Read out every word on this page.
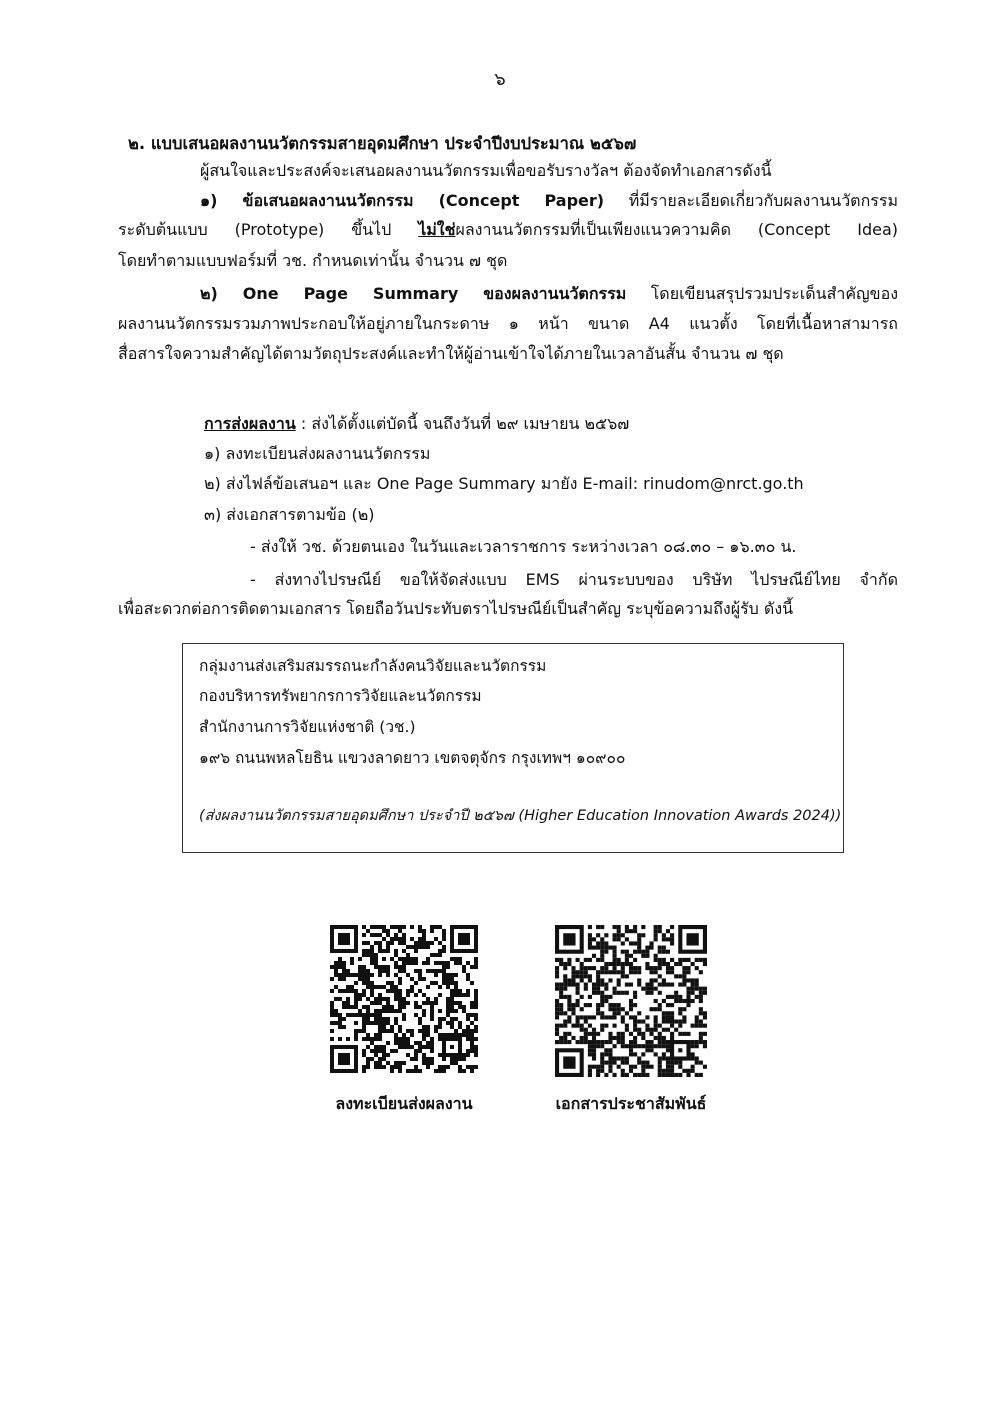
๖
๒. แบบเสนอผลงานนวัตกรรมสายอุดมศึกษา ประจำปีงบประมาณ ๒๕๖๗
ผู้สนใจและประสงค์จะเสนอผลงานนวัตกรรมเพื่อขอรับรางวัลฯ ต้องจัดทำเอกสารดังนี้
๑) ข้อเสนอผลงานนวัตกรรม (Concept Paper) ที่มีรายละเอียดเกี่ยวกับผลงานนวัตกรรม
ระดับต้นแบบ (Prototype) ขึ้นไป ไม่ใช่ผลงานนวัตกรรมที่เป็นเพียงแนวความคิด (Concept Idea)
โดยทำตามแบบฟอร์มที่ วช. กำหนดเท่านั้น จำนวน ๗ ชุด
๒) One Page Summary ของผลงานนวัตกรรม โดยเขียนสรุปรวมประเด็นสำคัญของ
ผลงานนวัตกรรมรวมภาพประกอบให้อยู่ภายในกระดาษ ๑ หน้า ขนาด A4 แนวตั้ง โดยที่เนื้อหาสามารถ
สื่อสารใจความสำคัญได้ตามวัตถุประสงค์และทำให้ผู้อ่านเข้าใจได้ภายในเวลาอันสั้น จำนวน ๗ ชุด
การส่งผลงาน : ส่งได้ตั้งแต่บัดนี้ จนถึงวันที่ ๒๙ เมษายน ๒๕๖๗
๑) ลงทะเบียนส่งผลงานนวัตกรรม
๒) ส่งไฟล์ข้อเสนอฯ และ One Page Summary มายัง E-mail: rinudom@nrct.go.th
๓) ส่งเอกสารตามข้อ (๒)
- ส่งให้ วช. ด้วยตนเอง ในวันและเวลาราชการ ระหว่างเวลา ๐๘.๓๐ – ๑๖.๓๐ น.
- ส่งทางไปรษณีย์ ขอให้จัดส่งแบบ EMS ผ่านระบบของ บริษัท ไปรษณีย์ไทย จำกัด
เพื่อสะดวกต่อการติดตามเอกสาร โดยถือวันประทับตราไปรษณีย์เป็นสำคัญ ระบุข้อความถึงผู้รับ ดังนี้
กลุ่มงานส่งเสริมสมรรถนะกำลังคนวิจัยและนวัตกรรม
กองบริหารทรัพยากรการวิจัยและนวัตกรรม
สำนักงานการวิจัยแห่งชาติ (วช.)
๑๙๖ ถนนพหลโยธิน แขวงลาดยาว เขตจตุจักร กรุงเทพฯ ๑๐๙๐๐
(ส่งผลงานนวัตกรรมสายอุดมศึกษา ประจำปี ๒๕๖๗ (Higher Education Innovation Awards 2024))
ลงทะเบียนส่งผลงาน	เอกสารประชาสัมพันธ์
